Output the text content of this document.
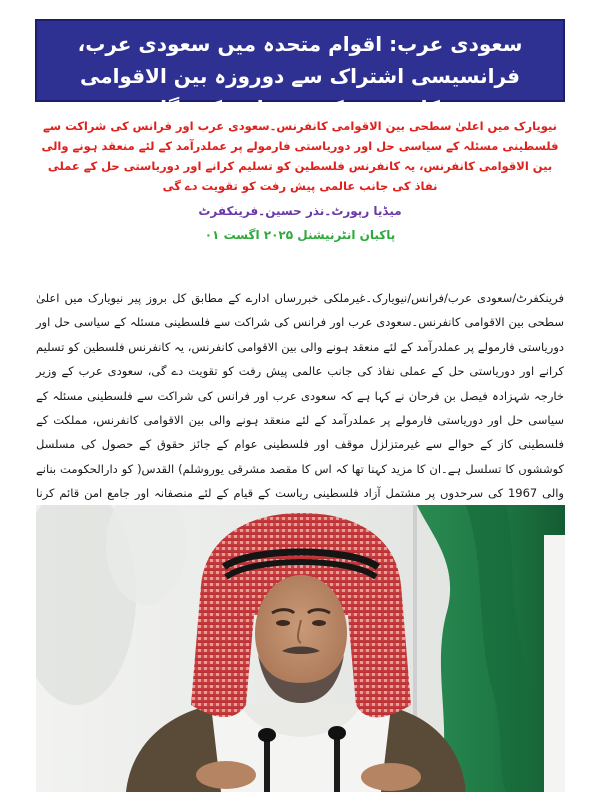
سعودی عرب: اقوام متحدہ میں سعودی عرب، فرانسیسی اشتراک سے دوروزہ بین الاقوامی کانفرنس کی میزبانی کرے گا

نیویارک میں اعلیٰ سطحی بین الاقوامی کانفرنس۔سعودی عرب اور فرانس کی شراکت سے فلسطینی مسئلہ کے سیاسی حل اور دوریاستی فارمولے پر عملدرآمد کے لئے منعقد ہونے والی بین الاقوامی کانفرنس، یہ کانفرنس فلسطین کو تسلیم کرانے اور دوریاستی حل کے عملی نفاذ کی جانب عالمی پیش رفت کو تقویت دے گی

میڈیا رپورٹ۔نذر حسین۔فرینکفرٹ
پاکبان انٹرنیشنل ۲۰۲۵ اگست ۰۱

فرینکفرٹ/سعودی عرب/فرانس/نیویارک۔غیرملکی خبررساں ادارے کے مطابق کل بروز پیر نیویارک میں اعلیٰ سطحی بین الاقوامی کانفرنس۔سعودی عرب اور فرانس کی شراکت سے فلسطینی مسئلہ کے سیاسی حل اور دوریاستی فارمولے پر عملدرآمد کے لئے منعقد ہونے والی بین الاقوامی کانفرنس، یہ کانفرنس فلسطین کو تسلیم کرانے اور دوریاستی حل کے عملی نفاذ کی جانب عالمی پیش رفت کو تقویت دے گی، سعودی عرب کے وزیر خارجہ شہزادہ فیصل بن فرحان نے کہا ہے کہ سعودی عرب اور فرانس کی شراکت سے فلسطینی مسئلہ کے سیاسی حل اور دوریاستی فارمولے پر عملدرآمد کے لئے منعقد ہونے والی بین الاقوامی کانفرنس، مملکت کے فلسطینی کاز کے حوالے سے غیرمتزلزل موقف اور فلسطینی عوام کے جائز حقوق کے حصول کی مسلسل کوششوں کا تسلسل ہے۔ان کا مزید کہنا تھا کہ اس کا مقصد مشرقی یوروشلم) القدس( کو دارالحکومت بنانے والی 1967 کی سرحدوں پر مشتمل آزاد فلسطینی ریاست کے قیام کے لئے منصفانہ اور جامع امن قائم کرنا
